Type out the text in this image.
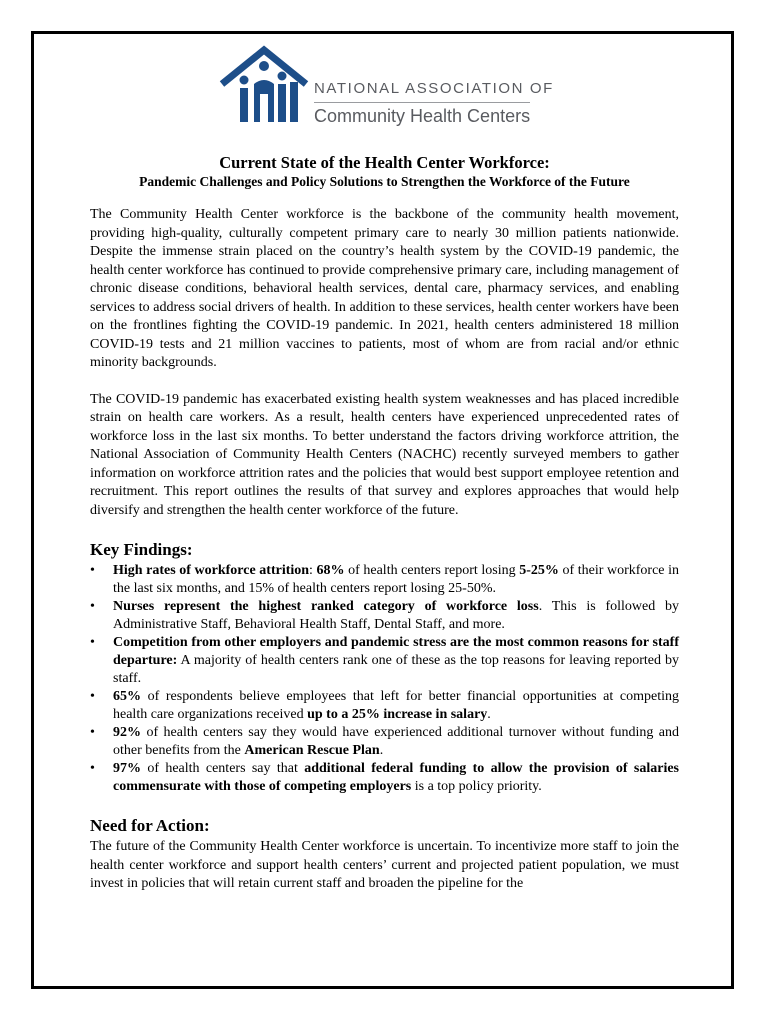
NATIONAL ASSOCIATION OF
Community Health Centers

Current State of the Health Center Workforce:

Pandemic Challenges and Policy Solutions to Strengthen the Workforce of the Future

The Community Health Center workforce is the backbone of the community health movement, providing high-quality, culturally competent primary care to nearly 30 million patients nationwide. Despite the immense strain placed on the country’s health system by the COVID-19 pandemic, the health center workforce has continued to provide comprehensive primary care, including management of chronic disease conditions, behavioral health services, dental care, pharmacy services, and enabling services to address social drivers of health. In addition to these services, health center workers have been on the frontlines fighting the COVID-19 pandemic. In 2021, health centers administered 18 million COVID-19 tests and 21 million vaccines to patients, most of whom are from racial and/or ethnic minority backgrounds.

The COVID-19 pandemic has exacerbated existing health system weaknesses and has placed incredible strain on health care workers. As a result, health centers have experienced unprecedented rates of workforce loss in the last six months. To better understand the factors driving workforce attrition, the National Association of Community Health Centers (NACHC) recently surveyed members to gather information on workforce attrition rates and the policies that would best support employee retention and recruitment. This report outlines the results of that survey and explores approaches that would help diversify and strengthen the health center workforce of the future.

Key Findings:
• High rates of workforce attrition: 68% of health centers report losing 5-25% of their workforce in the last six months, and 15% of health centers report losing 25-50%.
• Nurses represent the highest ranked category of workforce loss. This is followed by Administrative Staff, Behavioral Health Staff, Dental Staff, and more.
• Competition from other employers and pandemic stress are the most common reasons for staff departure: A majority of health centers rank one of these as the top reasons for leaving reported by staff.
• 65% of respondents believe employees that left for better financial opportunities at competing health care organizations received up to a 25% increase in salary.
• 92% of health centers say they would have experienced additional turnover without funding and other benefits from the American Rescue Plan.
• 97% of health centers say that additional federal funding to allow the provision of salaries commensurate with those of competing employers is a top policy priority.
Need for Action:

The future of the Community Health Center workforce is uncertain. To incentivize more staff to join the health center workforce and support health centers’ current and projected patient population, we must invest in policies that will retain current staff and broaden the pipeline for the
